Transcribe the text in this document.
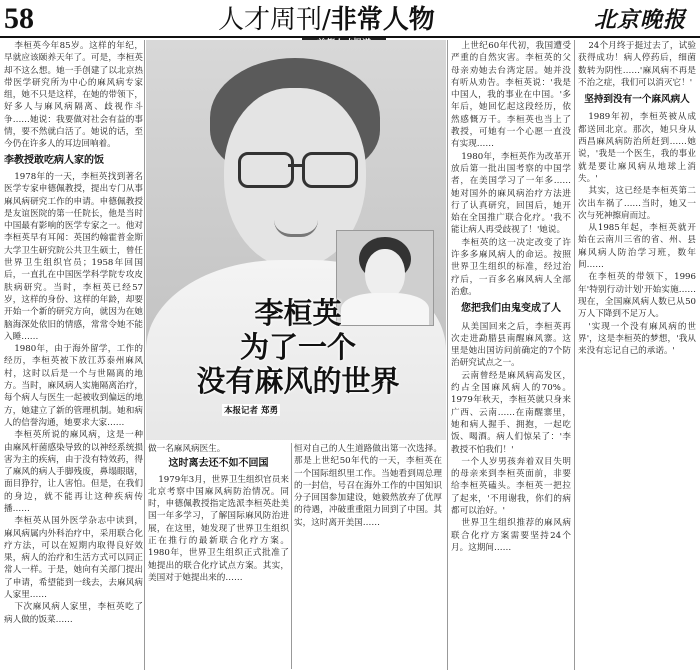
58	人才周刊/非常人物	北京晚报

李桓英今年85岁。这样的年纪，早就应该颐养天年了。可是，李桓英却不这么想。她一手创建了以北京热带医学研究所为中心的麻风病专家组，她不只是这样，在她的带领下，好多人与麻风病隔离、歧视作斗争……她说：我要做对社会有益的事情，要不然就白活了。她说的话，至今仍在许多人的耳边回响着。

李教授敢吃病人家的饭

1978年的一天，李桓英找到著名医学专家申德佩教授，提出专门从事麻风病研究工作的申请。申德佩教授是友谊医院的第一任院长，他是当时中国最有影响的医学专家之一。他对李桓英早有耳闻：英国约翰霍普金斯大学卫生研究院公共卫生硕士，曾任世界卫生组织官员；1958年回国后，一直扎在中国医学科学院专攻皮肤病研究。当时，李桓英已经57岁，这样的身份、这样的年龄，却要开始一个新的研究方向，就因为在她脑海深处依旧的情感，常常令她不能入睡……

1980年，由于海外留学，工作的经历，李桓英被下放江苏泰州麻风村，这时以后是一个与世隔离的地方。当时，麻风病人实施隔离治疗，每个病人与医生一起被收到偏远的地方，她建立了新的管理机制。她和病人的信誉沟通，她要求大家……

李桓英所说的麻风病，这是一种由麻风杆菌感染导致的以神经系统损害为主的疾病，由于没有特效药，得了麻风的病人手脚残废，鼻塌眼瞎，面目狰狞，让人害怕。但是，在我们的身边，就不能再让这种疾病传播……

李桓英从国外医学杂志中读到，麻风病属内外科治疗中，采用联合化疗方法，可以在短期内取得良好效果，病人的治疗和生活方式可以同正常人一样。于是，她向有关部门提出了申请，希望能到一线去，去麻风病人家里……

下次麻风病人家里，李桓英吃了病人做的饭菜……

李桓英
为了一个
没有麻风的世界
本报记者 郑勇

做一名麻风病医生。

这时离去还不如不回国

1979年3月，世界卫生组织官员来北京考察中国麻风病防治情况。同时，申德佩教授指定选派李桓英赴美国一年多学习，了解国际麻风防治进展，在这里，她发现了世界卫生组织正在推行的最新联合化疗方案。1980年，世界卫生组织正式批准了她提出的联合化疗试点方案。其实，美国对于她提出来的……

恒对自己的人生道路做出第一次选择。那是上世纪50年代的一天，李桓英在一个国际组织里工作。当她看到周总理的一封信，号召在海外工作的中国知识分子回国参加建设，她毅然放弃了优厚的待遇，冲破重重阻力回到了中国。其实，这时离开美国……

上世纪60年代初，我国遭受严重的自然灾害。李桓英的父母亲劝她去台湾定居。她并没有听从劝告。李桓英说：'我是中国人，我的事业在中国。'多年后，她回忆起这段经历，依然感慨万千。李桓英也当上了教授，可她有一个心愿一直没有实现……

1980年，李桓英作为改革开放后第一批出国考察的中国学者，在美国学习了一年多……她对国外的麻风病治疗方法进行了认真研究，回国后，她开始在全国推广联合化疗。'我不能让病人再受歧视了！'她说。

李桓英的这一决定改变了许许多多麻风病人的命运。按照世界卫生组织的标准，经过治疗后，一百多名麻风病人全部治愈。

您把我们由鬼变成了人

从美国回来之后，李桓英再次走进勐腊县南醒麻风寨。这里是她出国访问前确定的7个防治研究试点之一。

云南曾经是麻风病高发区，约占全国麻风病人的70%。1979年秋天，李桓英就只身来广西、云南……在南醒寨里，她和病人握手、拥抱，一起吃饭、喝酒。病人们惊呆了：'李教授不怕我们！'

一个人岁男孩奔着双目失明的母亲来到李桓英面前，非要给李桓英磕头。李桓英一把拉了起来，'不用谢我，你们的病都可以治好。'

世界卫生组织推荐的麻风病联合化疗方案需要坚持24个月。这期间……

24个月终于挺过去了，试验获得成功！病人停药后，细菌数转为阴性……'麻风病不再是不治之症，我们可以消灭它！'

坚持到没有一个麻风病人

1989年初，李桓英被从成都送回北京。那次，她只身从西昌麻风病防治所赶到……她说，'我是一个医生，我的事业就是要让麻风病从地球上消失。'

其实，这已经是李桓英第二次出车祸了……当时，她又一次与死神擦肩而过。

从1985年起，李桓英就开始在云南川三省的省、州、县麻风病人防治学习班，数年间……

在李桓英的带领下，1996年'特别行动计划'开始实施……现在，全国麻风病人数已从50万人下降到不足万人。

'实现一个没有麻风病的世界'，这是李桓英的梦想，'我从来没有忘记自己的承诺。'
